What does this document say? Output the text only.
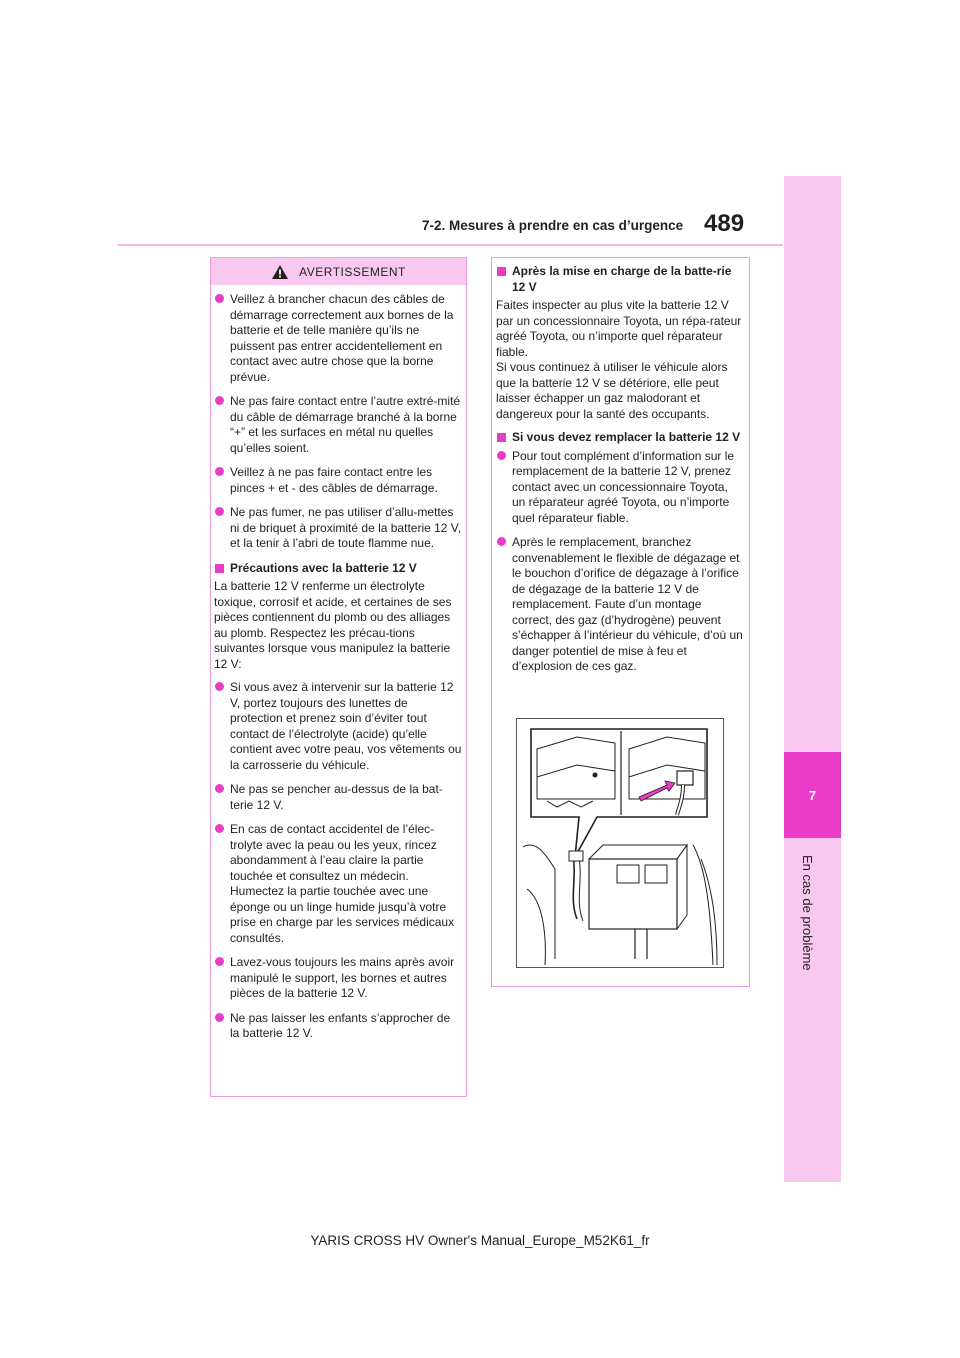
7-2. Mesures à prendre en cas d’urgence 489
7
En cas de problème
AVERTISSEMENT

Veillez à brancher chacun des câbles de démarrage correctement aux bornes de la batterie et de telle manière qu’ils ne puissent pas entrer accidentellement en contact avec autre chose que la borne prévue.

Ne pas faire contact entre l’autre extré-mité du câble de démarrage branché à la borne “+” et les surfaces en métal nu quelles qu’elles soient.

Veillez à ne pas faire contact entre les pinces + et - des câbles de démarrage.

Ne pas fumer, ne pas utiliser d’allu-mettes ni de briquet à proximité de la batterie 12 V, et la tenir à l’abri de toute flamme nue.

Précautions avec la batterie 12 V

La batterie 12 V renferme un électrolyte toxique, corrosif et acide, et certaines de ses pièces contiennent du plomb ou des alliages au plomb. Respectez les précau-tions suivantes lorsque vous manipulez la batterie 12 V:

Si vous avez à intervenir sur la batterie 12 V, portez toujours des lunettes de protection et prenez soin d’éviter tout contact de l’électrolyte (acide) qu’elle contient avec votre peau, vos vêtements ou la carrosserie du véhicule.

Ne pas se pencher au-dessus de la bat-terie 12 V.

En cas de contact accidentel de l’élec-trolyte avec la peau ou les yeux, rincez abondamment à l’eau claire la partie touchée et consultez un médecin. Humectez la partie touchée avec une éponge ou un linge humide jusqu’à votre prise en charge par les services médicaux consultés.

Lavez-vous toujours les mains après avoir manipulé le support, les bornes et autres pièces de la batterie 12 V.

Ne pas laisser les enfants s’approcher de la batterie 12 V.

Après la mise en charge de la batte-rie 12 V

Faites inspecter au plus vite la batterie 12 V par un concessionnaire Toyota, un répa-rateur agréé Toyota, ou n’importe quel réparateur fiable.

Si vous continuez à utiliser le véhicule alors que la batterie 12 V se détériore, elle peut laisser échapper un gaz malodorant et dangereux pour la santé des occupants.

Si vous devez remplacer la batterie 12 V

Pour tout complément d’information sur le remplacement de la batterie 12 V, prenez contact avec un concessionnaire Toyota, un réparateur agréé Toyota, ou n’importe quel réparateur fiable.

Après le remplacement, branchez convenablement le flexible de dégazage et le bouchon d’orifice de dégazage à l’orifice de dégazage de la batterie 12 V de remplacement. Faute d’un montage correct, des gaz (d’hydrogène) peuvent s’échapper à l’intérieur du véhicule, d’où un danger potentiel de mise à feu et d’explosion de ces gaz.

YARIS CROSS HV Owner's Manual_Europe_M52K61_fr
